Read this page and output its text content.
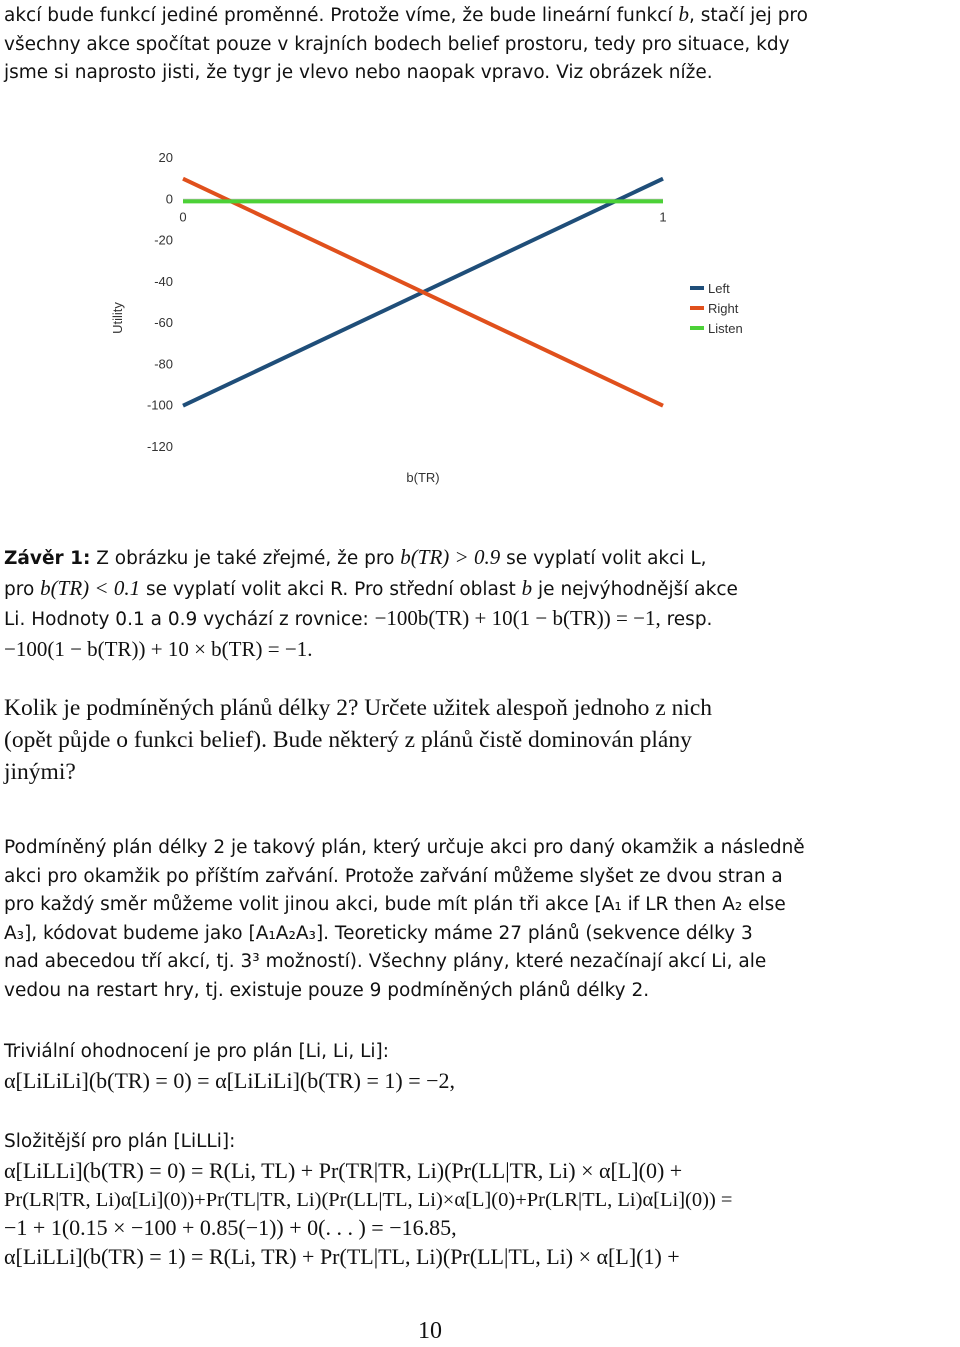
akcí bude funkcí jediné proměnné. Protože víme, že bude lineární funkcí b, stačí jej pro

všechny akce spočítat pouze v krajních bodech belief prostoru, tedy pro situace, kdy

jsme si naprosto jisti, že tygr je vlevo nebo naopak vpravo. Viz obrázek níže.

20
0
-20
-40
-60
-80
-100
-120
0	1
Utility
b(TR)
Left
Right
Listen

Závěr 1: Z obrázku je také zřejmé, že pro b(TR) > 0.9 se vyplatí volit akci L,

pro b(TR) < 0.1 se vyplatí volit akci R. Pro střední oblast b je nejvýhodnější akce

Li. Hodnoty 0.1 a 0.9 vychází z rovnice: −100b(TR) + 10(1 − b(TR)) = −1, resp.

−100(1 − b(TR)) + 10 × b(TR) = −1.

Kolik je podmíněných plánů délky 2? Určete užitek alespoň jednoho z nich

(opět půjde o funkci belief). Bude některý z plánů čistě dominován plány

jinými?

Podmíněný plán délky 2 je takový plán, který určuje akci pro daný okamžik a následně

akci pro okamžik po příštím zařvání. Protože zařvání můžeme slyšet ze dvou stran a

pro každý směr můžeme volit jinou akci, bude mít plán tři akce [A₁ if LR then A₂ else

A₃], kódovat budeme jako [A₁A₂A₃]. Teoreticky máme 27 plánů (sekvence délky 3

nad abecedou tří akcí, tj. 3³ možností). Všechny plány, které nezačínají akcí Li, ale

vedou na restart hry, tj. existuje pouze 9 podmíněných plánů délky 2.

Triviální ohodnocení je pro plán [Li, Li, Li]:

α[LiLiLi](b(TR) = 0) = α[LiLiLi](b(TR) = 1) = −2,

Složitější pro plán [LiLLi]:

α[LiLLi](b(TR) = 0) = R(Li, TL) + Pr(TR|TR, Li)(Pr(LL|TR, Li) × α[L](0) +
Pr(LR|TR, Li)α[Li](0))+Pr(TL|TR, Li)(Pr(LL|TL, Li)×α[L](0)+Pr(LR|TL, Li)α[Li](0)) =
−1 + 1(0.15 × −100 + 0.85(−1)) + 0(. . . ) = −16.85,
α[LiLLi](b(TR) = 1) = R(Li, TR) + Pr(TL|TL, Li)(Pr(LL|TL, Li) × α[L](1) +
10
